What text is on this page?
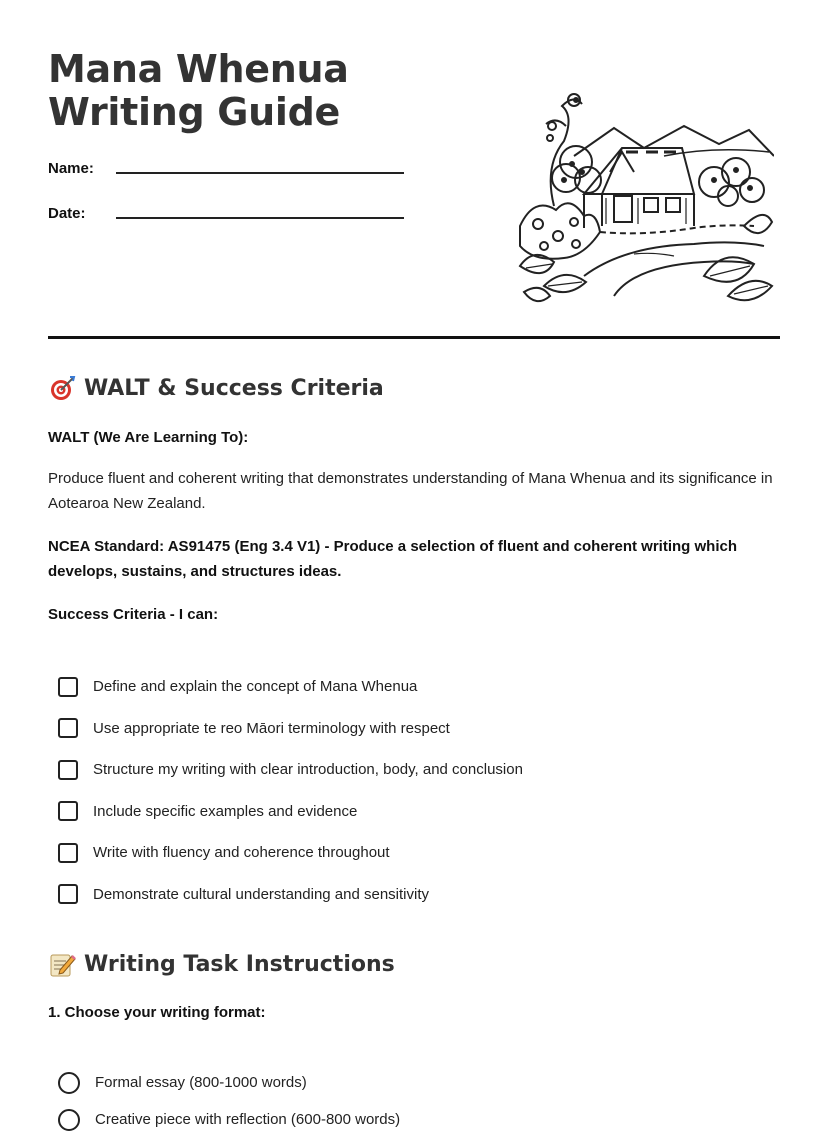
Mana Whenua Writing Guide
Name:
Date:
WALT & Success Criteria
WALT (We Are Learning To):
Produce fluent and coherent writing that demonstrates understanding of Mana Whenua and its significance in Aotearoa New Zealand.
NCEA Standard: AS91475 (Eng 3.4 V1) - Produce a selection of fluent and coherent writing which develops, sustains, and structures ideas.
Success Criteria - I can:
Define and explain the concept of Mana Whenua
Use appropriate te reo Māori terminology with respect
Structure my writing with clear introduction, body, and conclusion
Include specific examples and evidence
Write with fluency and coherence throughout
Demonstrate cultural understanding and sensitivity
Writing Task Instructions
1. Choose your writing format:
Formal essay (800-1000 words)
Creative piece with reflection (600-800 words)
